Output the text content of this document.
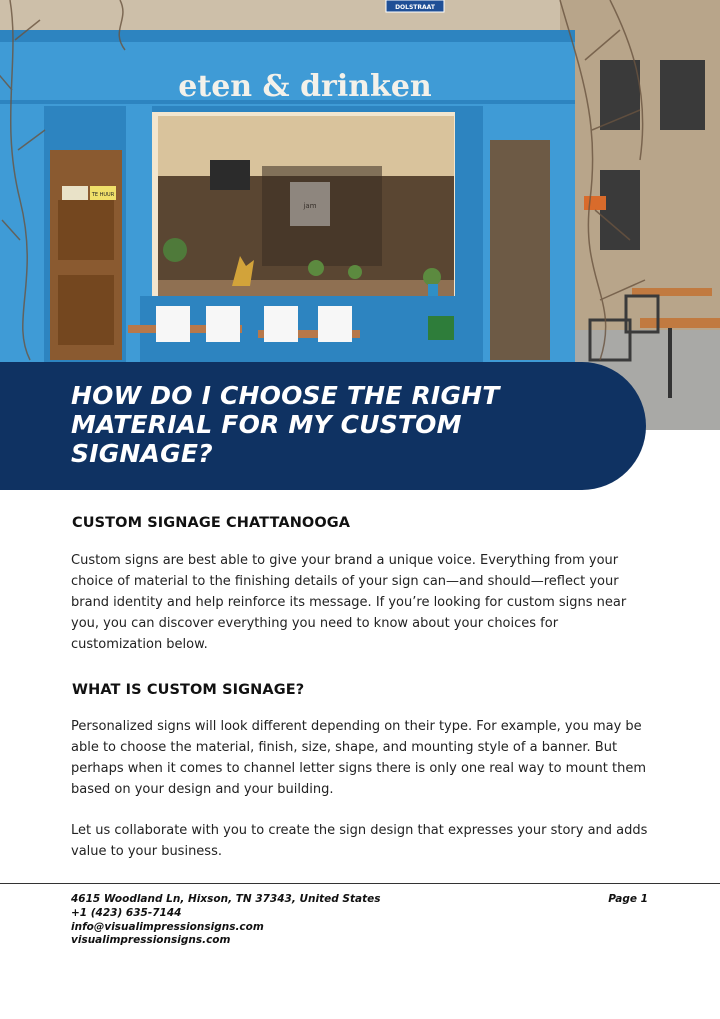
DOLSTRAAT
eten & drinken
TE HUUR
HOW DO I CHOOSE THE RIGHT MATERIAL FOR MY CUSTOM SIGNAGE?
CUSTOM SIGNAGE CHATTANOOGA

Custom signs are best able to give your brand a unique voice. Everything from your choice of material to the finishing details of your sign can—and should—reflect your brand identity and help reinforce its message. If you’re looking for custom signs near you, you can discover everything you need to know about your choices for customization below.

WHAT IS CUSTOM SIGNAGE?

Personalized signs will look different depending on their type. For example, you may be able to choose the material, finish, size, shape, and mounting style of a banner. But perhaps when it comes to channel letter signs there is only one real way to mount them based on your design and your building.

Let us collaborate with you to create the sign design that expresses your story and adds value to your business.

4615 Woodland Ln, Hixson, TN 37343, United States
+1 (423) 635-7144
info@visualimpressionsigns.com
visualimpressionsigns.com
Page 1
